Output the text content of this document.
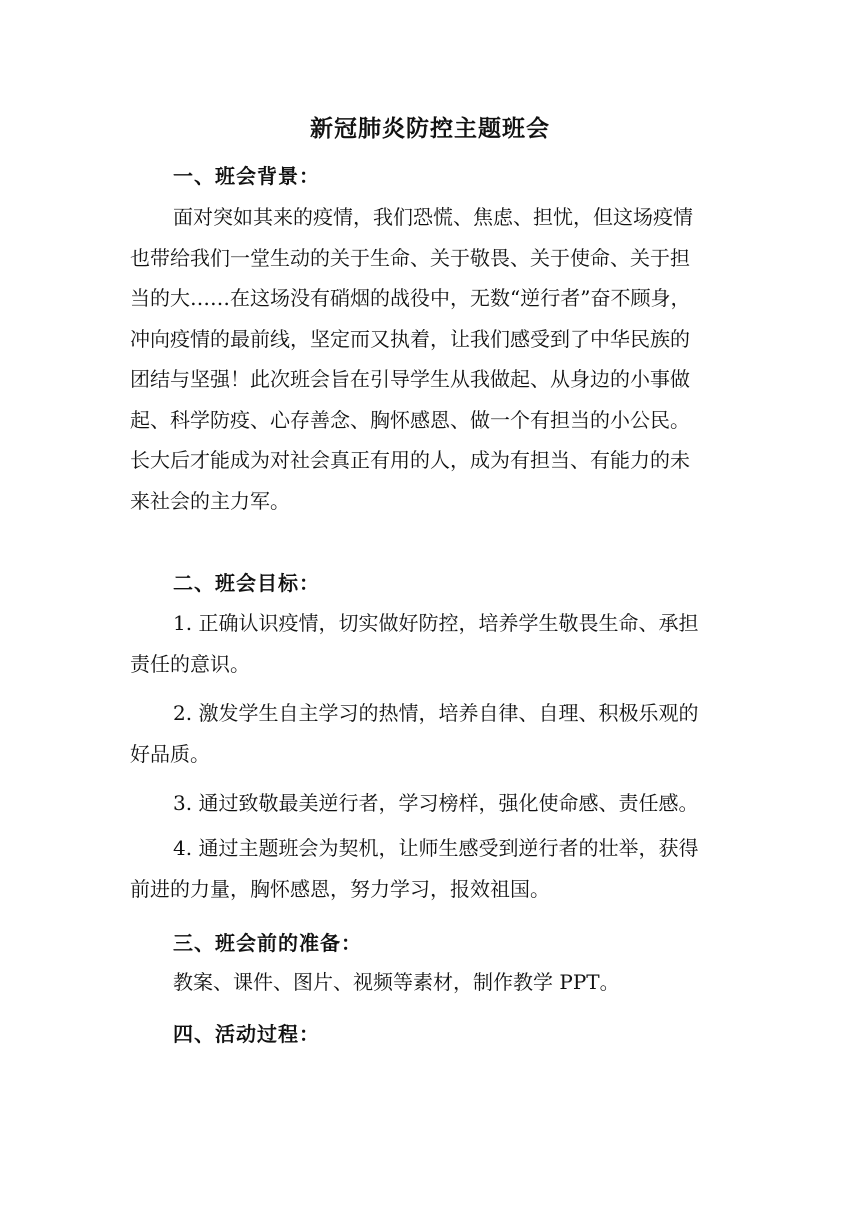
新冠肺炎防控主题班会
一、班会背景：
面对突如其来的疫情，我们恐慌、焦虑、担忧，但这场疫情
也带给我们一堂生动的关于生命、关于敬畏、关于使命、关于担
当的大……在这场没有硝烟的战役中，无数“逆行者”奋不顾身，
冲向疫情的最前线，坚定而又执着，让我们感受到了中华民族的
团结与坚强！此次班会旨在引导学生从我做起、从身边的小事做
起、科学防疫、心存善念、胸怀感恩、做一个有担当的小公民。
长大后才能成为对社会真正有用的人，成为有担当、有能力的未
来社会的主力军。
二、班会目标：
1. 正确认识疫情，切实做好防控，培养学生敬畏生命、承担
责任的意识。
2. 激发学生自主学习的热情，培养自律、自理、积极乐观的
好品质。
3. 通过致敬最美逆行者，学习榜样，强化使命感、责任感。
4. 通过主题班会为契机，让师生感受到逆行者的壮举，获得
前进的力量，胸怀感恩，努力学习，报效祖国。
三、班会前的准备：
教案、课件、图片、视频等素材，制作教学 PPT。
四、活动过程：
